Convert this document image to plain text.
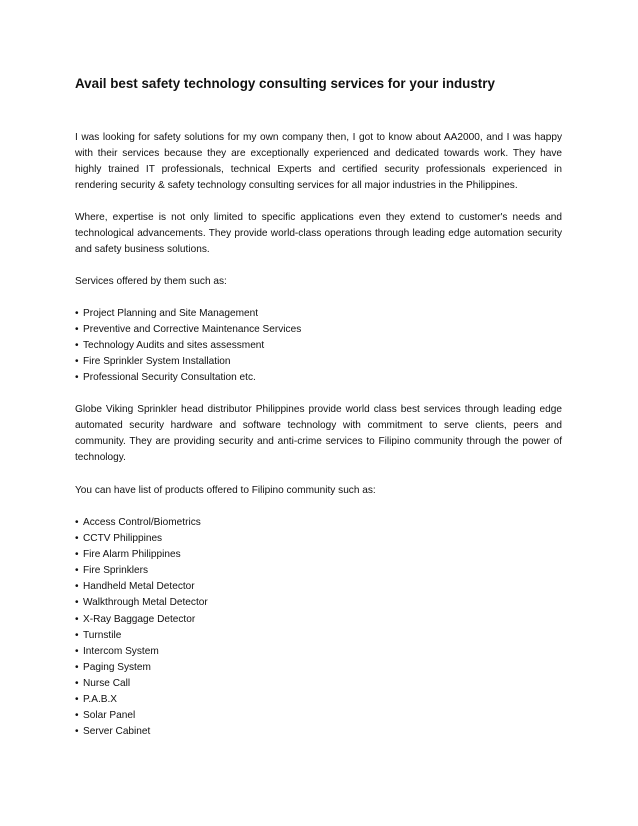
Avail best safety technology consulting services for your industry

I was looking for safety solutions for my own company then, I got to know about AA2000, and I was happy with their services because they are exceptionally experienced and dedicated towards work. They have highly trained IT professionals, technical Experts and certified security professionals experienced in rendering security & safety technology consulting services for all major industries in the Philippines.

Where, expertise is not only limited to specific applications even they extend to customer's needs and technological advancements. They provide world-class operations through leading edge automation security and safety business solutions.

Services offered by them such as:

• Project Planning and Site Management
• Preventive and Corrective Maintenance Services
• Technology Audits and sites assessment
• Fire Sprinkler System Installation
• Professional Security Consultation etc.

Globe Viking Sprinkler head distributor Philippines provide world class best services through leading edge automated security hardware and software technology with commitment to serve clients, peers and community. They are providing security and anti-crime services to Filipino community through the power of technology.

You can have list of products offered to Filipino community such as:

• Access Control/Biometrics
• CCTV Philippines
• Fire Alarm Philippines
• Fire Sprinklers
• Handheld Metal Detector
• Walkthrough Metal Detector
• X-Ray Baggage Detector
• Turnstile
• Intercom System
• Paging System
• Nurse Call
• P.A.B.X
• Solar Panel
• Server Cabinet
